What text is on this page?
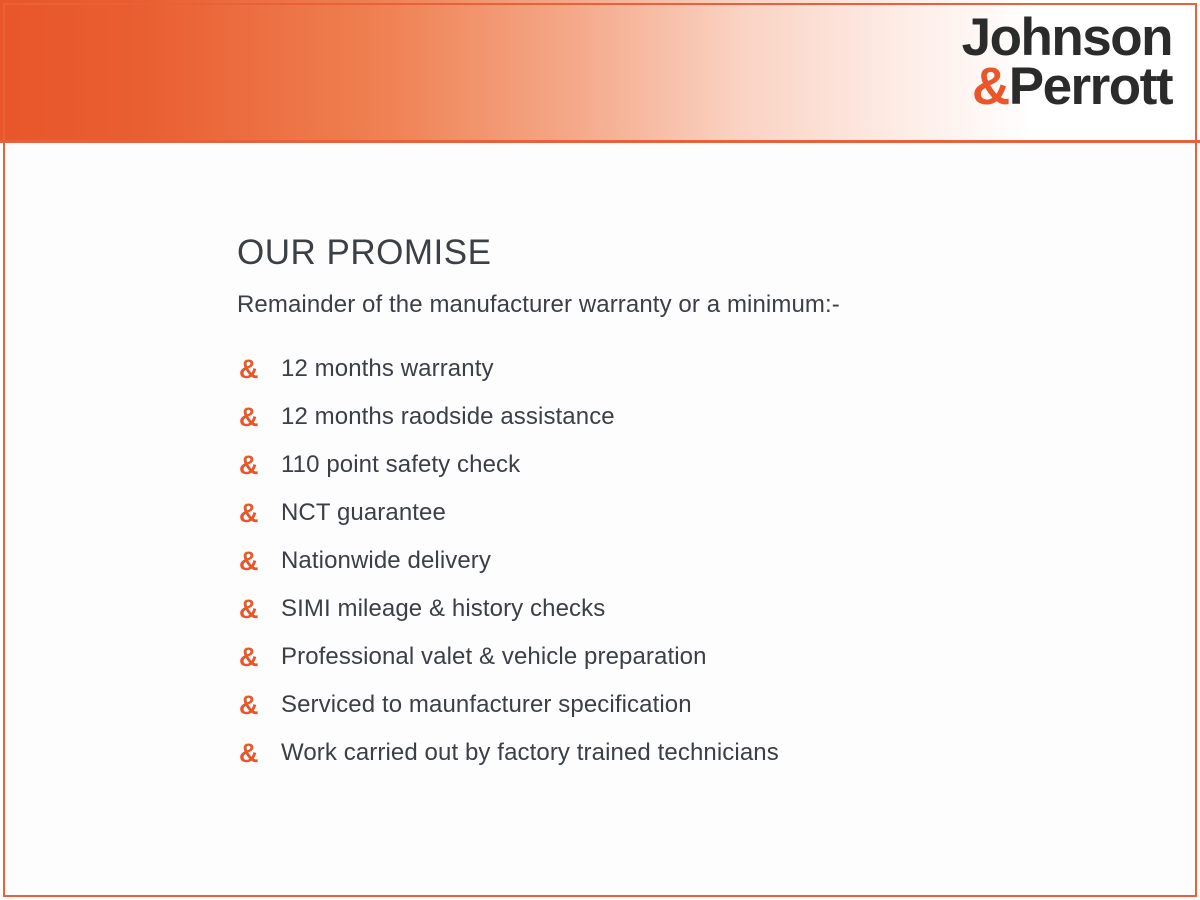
Johnson
&Perrott
OUR PROMISE

Remainder of the manufacturer warranty or a minimum:-

& 12 months warranty
& 12 months raodside assistance
& 110 point safety check
& NCT guarantee
& Nationwide delivery
& SIMI mileage & history checks
& Professional valet & vehicle preparation
& Serviced to maunfacturer specification
& Work carried out by factory trained technicians
